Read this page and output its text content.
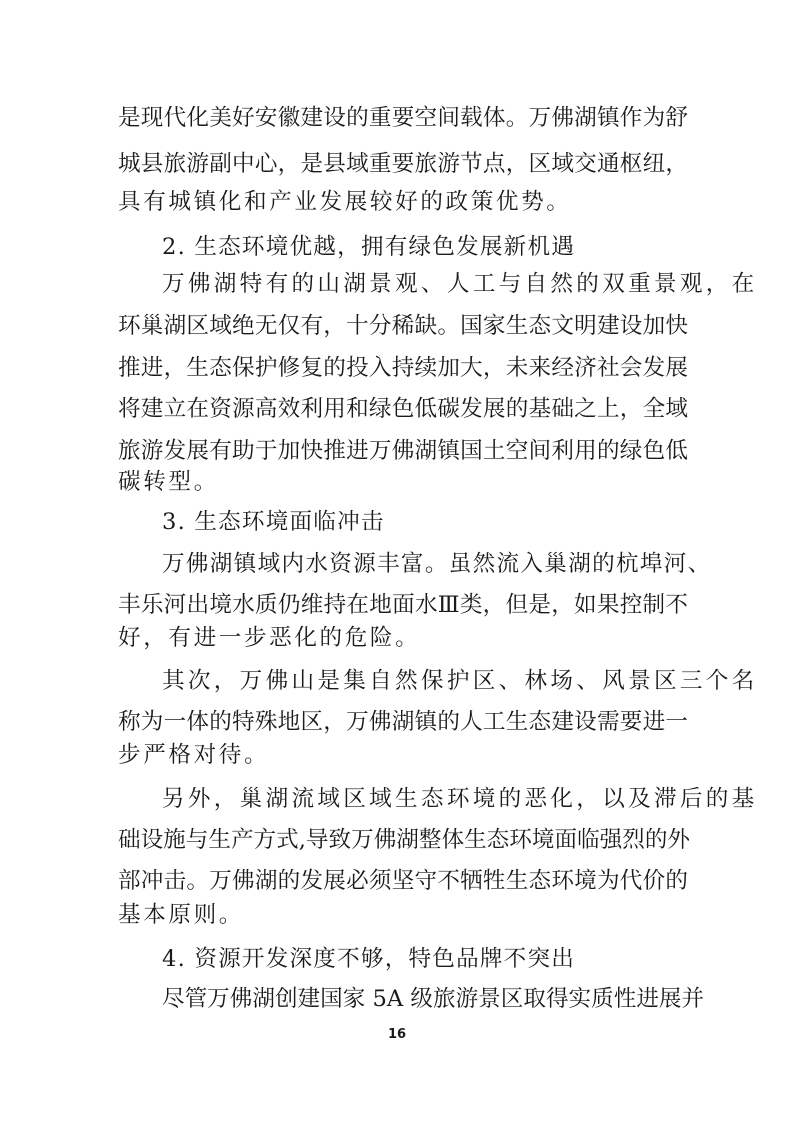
是现代化美好安徽建设的重要空间载体。万佛湖镇作为舒
城县旅游副中心，是县域重要旅游节点，区域交通枢纽，
具有城镇化和产业发展较好的政策优势。
2. 生态环境优越，拥有绿色发展新机遇
万佛湖特有的山湖景观、人工与自然的双重景观，在
环巢湖区域绝无仅有，十分稀缺。国家生态文明建设加快
推进，生态保护修复的投入持续加大，未来经济社会发展
将建立在资源高效利用和绿色低碳发展的基础之上，全域
旅游发展有助于加快推进万佛湖镇国土空间利用的绿色低
碳转型。
3. 生态环境面临冲击
万佛湖镇域内水资源丰富。虽然流入巢湖的杭埠河、
丰乐河出境水质仍维持在地面水Ⅲ类，但是，如果控制不
好，有进一步恶化的危险。
其次，万佛山是集自然保护区、林场、风景区三个名
称为一体的特殊地区，万佛湖镇的人工生态建设需要进一
步严格对待。
另外，巢湖流域区域生态环境的恶化，以及滞后的基
础设施与生产方式,导致万佛湖整体生态环境面临强烈的外
部冲击。万佛湖的发展必须坚守不牺牲生态环境为代价的
基本原则。
4. 资源开发深度不够，特色品牌不突出
尽管万佛湖创建国家 5A 级旅游景区取得实质性进展并
16
